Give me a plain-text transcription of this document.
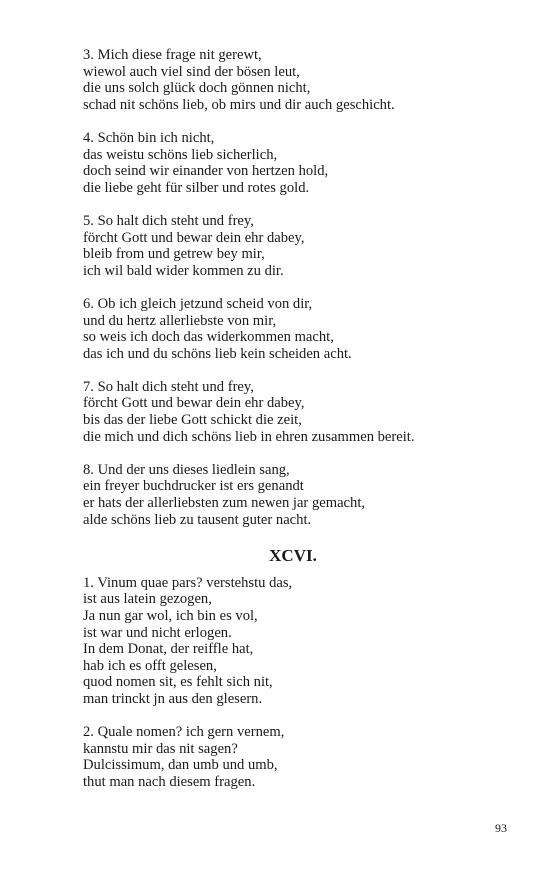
3. Mich diese frage nit gerewt,
wiewol auch viel sind der bösen leut,
die uns solch glück doch gönnen nicht,
schad nit schöns lieb, ob mirs und dir auch geschicht.
4. Schön bin ich nicht,
das weistu schöns lieb sicherlich,
doch seind wir einander von hertzen hold,
die liebe geht für silber und rotes gold.
5. So halt dich steht und frey,
förcht Gott und bewar dein ehr dabey,
bleib from und getrew bey mir,
ich wil bald wider kommen zu dir.
6. Ob ich gleich jetzund scheid von dir,
und du hertz allerliebste von mir,
so weis ich doch das widerkommen macht,
das ich und du schöns lieb kein scheiden acht.
7. So halt dich steht und frey,
förcht Gott und bewar dein ehr dabey,
bis das der liebe Gott schickt die zeit,
die mich und dich schöns lieb in ehren zusammen bereit.
8. Und der uns dieses liedlein sang,
ein freyer buchdrucker ist ers genandt
er hats der allerliebsten zum newen jar gemacht,
alde schöns lieb zu tausent guter nacht.
XCVI.
1. Vinum quae pars? verstehstu das,
ist aus latein gezogen,
Ja nun gar wol, ich bin es vol,
ist war und nicht erlogen.
In dem Donat, der reiffle hat,
hab ich es offt gelesen,
quod nomen sit, es fehlt sich nit,
man trinckt jn aus den glesern.
2. Quale nomen? ich gern vernem,
kannstu mir das nit sagen?
Dulcissimum, dan umb und umb,
thut man nach diesem fragen.
93
